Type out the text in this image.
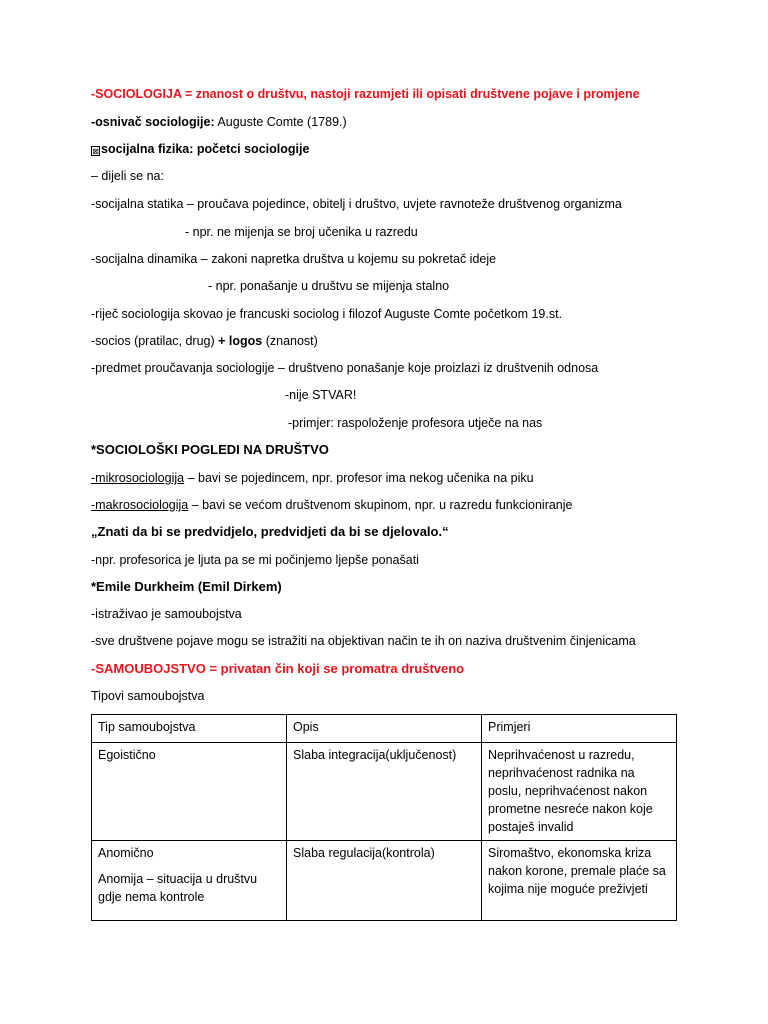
-SOCIOLOGIJA = znanost o društvu, nastoji razumjeti ili opisati društvene pojave i promjene
-osnivač sociologije: Auguste Comte (1789.)
⊠ socijalna fizika: početci sociologije
– dijeli se na:
-socijalna statika – proučava pojedince, obitelj i društvo, uvjete ravnoteže društvenog organizma
- npr. ne mijenja se broj učenika u razredu
-socijalna dinamika – zakoni napretka društva u kojemu su pokretač ideje
- npr. ponašanje u društvu se mijenja stalno
-riječ sociologija skovao je francuski sociolog i filozof Auguste Comte početkom 19.st.
-socios (pratilac, drug) + logos (znanost)
-predmet proučavanja sociologije – društveno ponašanje koje proizlazi iz društvenih odnosa
-nije STVAR!
-primjer: raspoloženje profesora utječe na nas
*SOCIOLOŠKI POGLEDI NA DRUŠTVO
-mikrosociologija – bavi se pojedincem, npr. profesor ima nekog učenika na piku
-makrosociologija – bavi se većom društvenom skupinom, npr. u razredu funkcioniranje
„Znati da bi se predvidjelo, predvidjeti da bi se djelovalo.“
-npr. profesorica je ljuta pa se mi počinjemo ljepše ponašati
*Emile Durkheim (Emil Dirkem)
-istraživao je samoubojstva
-sve društvene pojave mogu se istražiti na objektivan način te ih on naziva društvenim činjenicama
-SAMOUBOJSTVO = privatan čin koji se promatra društveno
Tipovi samoubojstva
Tip samoubojstva	Opis	Primjeri

Egoistično	Slaba integracija(uključenost)	Neprihvaćenost u razredu, neprihvaćenost radnika na poslu, neprihvaćenost nakon prometne nesreće nakon koje postaješ invalid

Anomično
Anomija – situacija u društvu gdje nema kontrole	Slaba regulacija(kontrola)	Siromaštvo, ekonomska kriza nakon korone, premale plaće sa kojima nije moguće preživjeti
